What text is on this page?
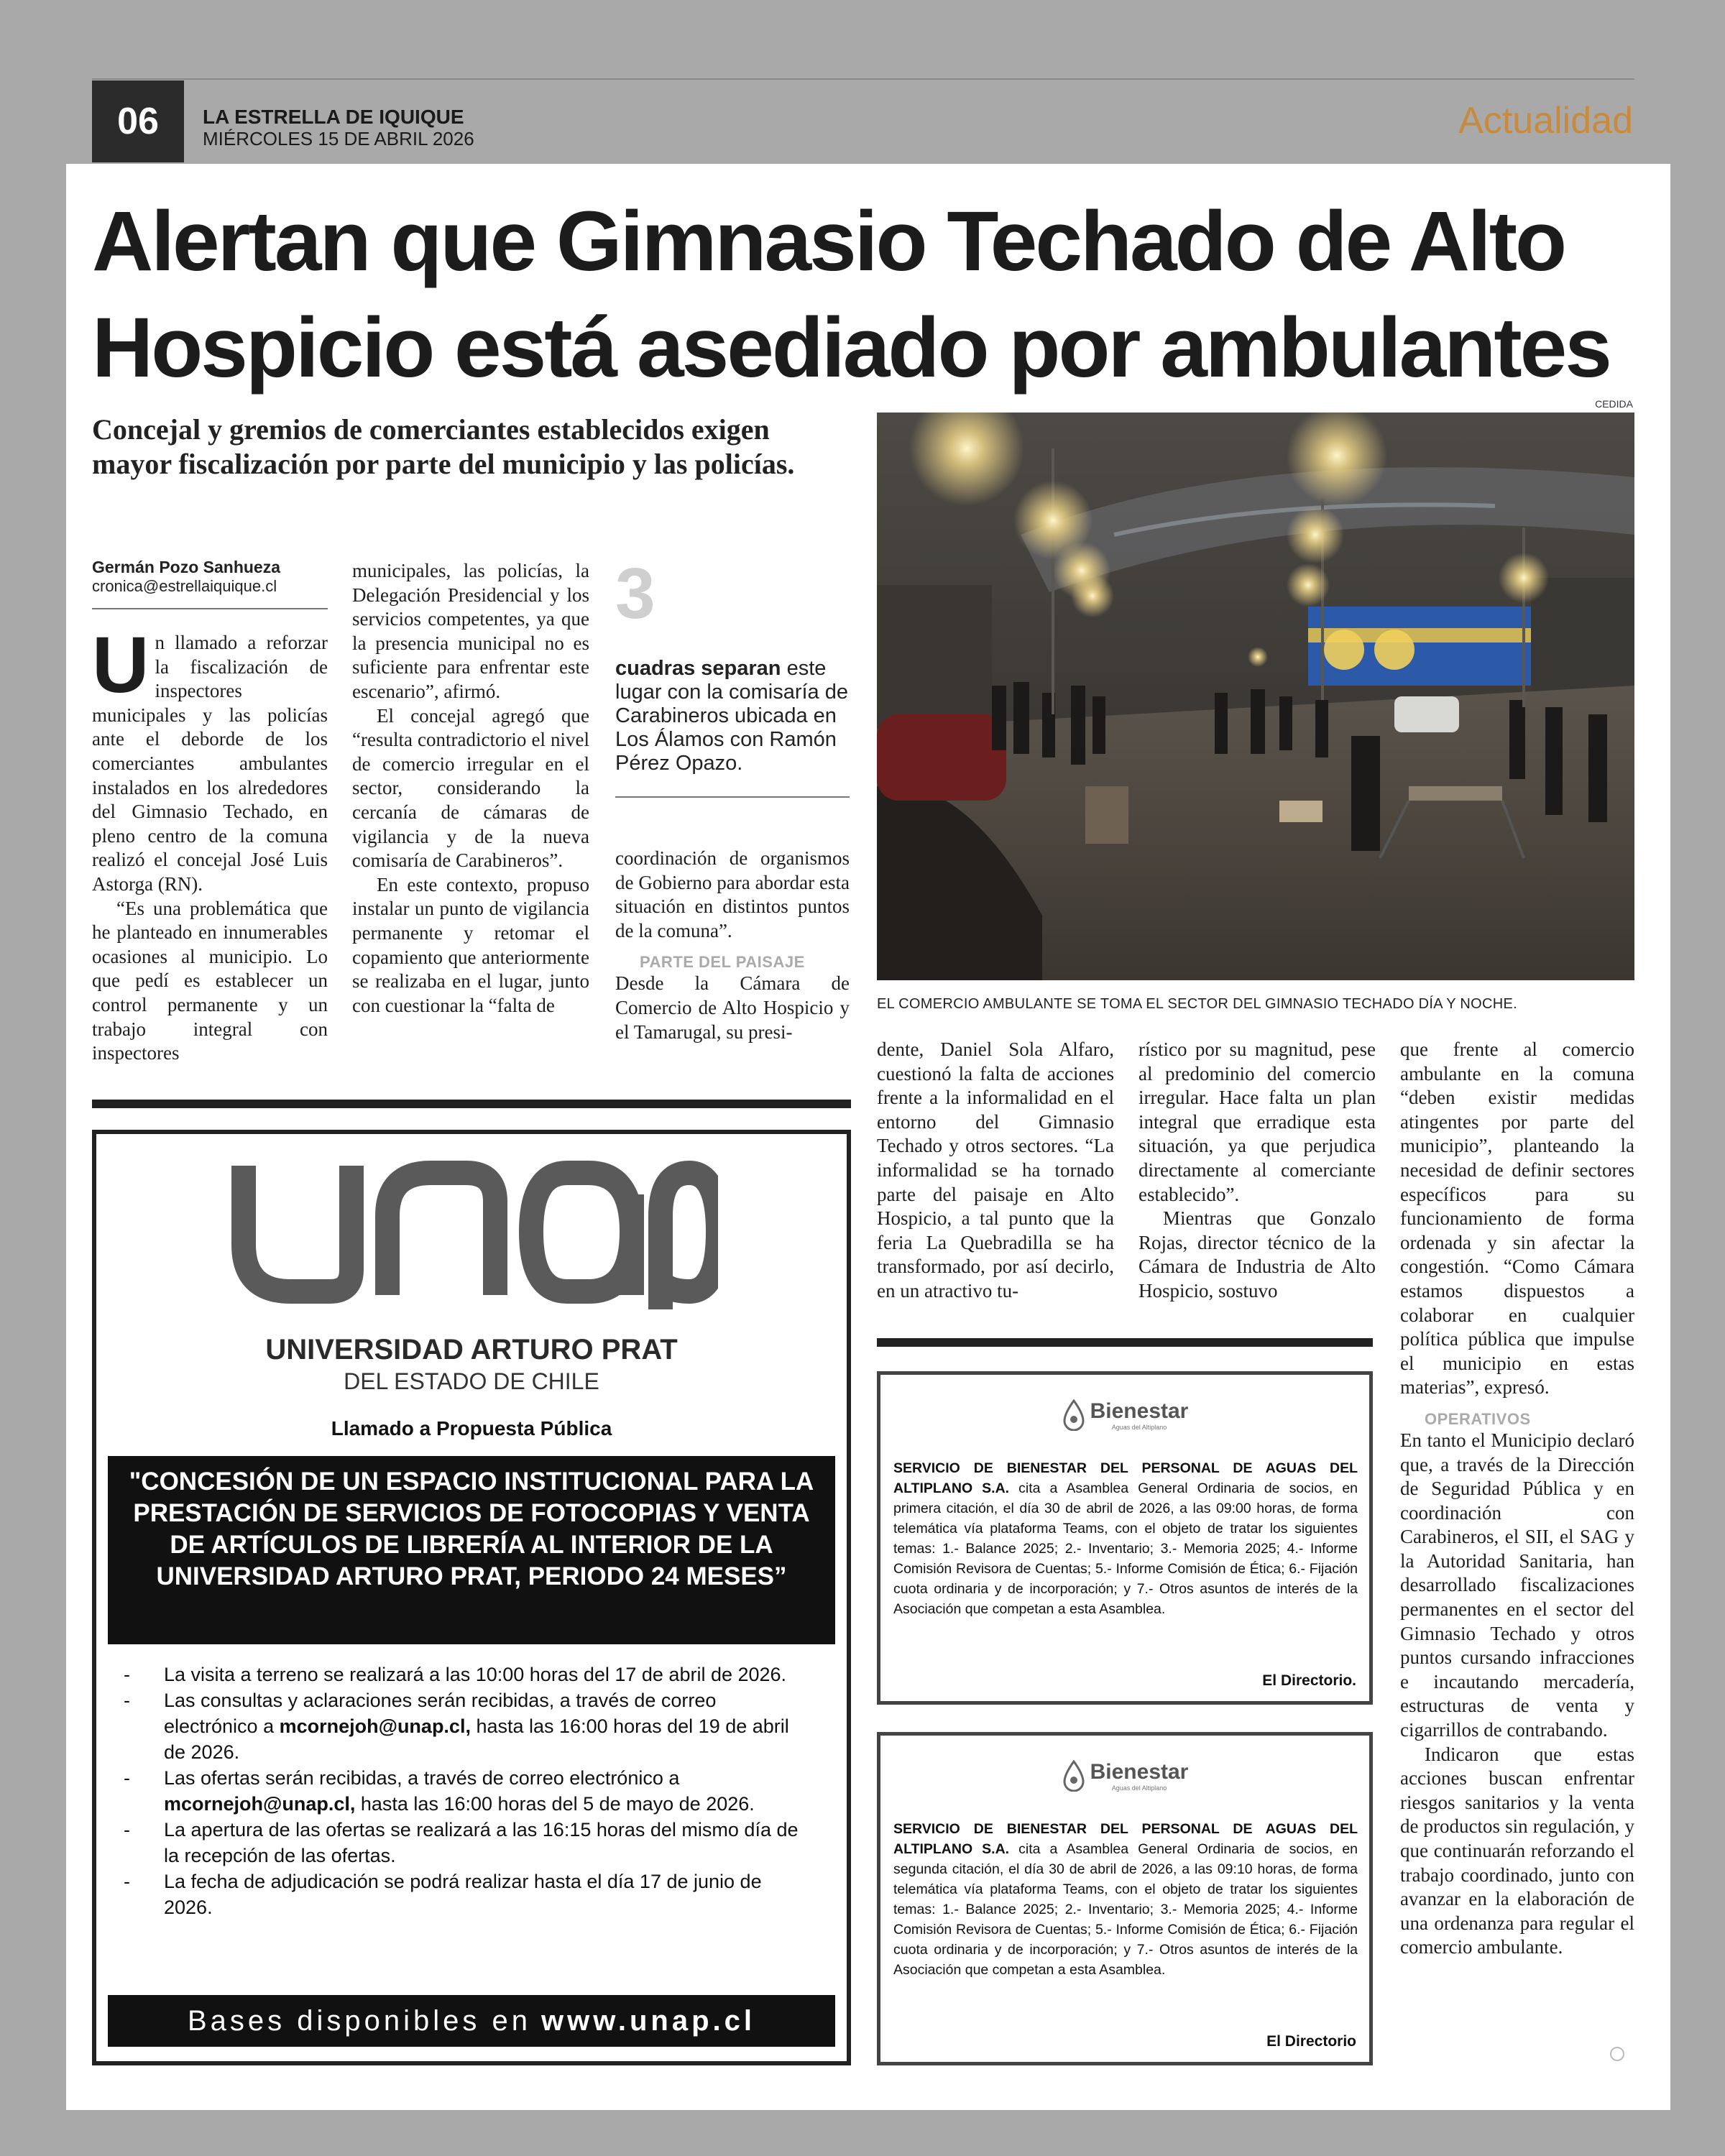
06	LA ESTRELLA DE IQUIQUE
MIÉRCOLES 15 DE ABRIL 2026	Actualidad
Alertan que Gimnasio Techado de Alto
Hospicio está asediado por ambulantes
Concejal y gremios de comerciantes establecidos exigen mayor fiscalización por parte del municipio y las policías.
CEDIDA
EL COMERCIO AMBULANTE SE TOMA EL SECTOR DEL GIMNASIO TECHADO DÍA Y NOCHE.
Germán Pozo Sanhueza
cronica@estrellaiquique.cl

Un llamado a reforzar la fiscalización de inspectores municipales y las policías ante el deborde de los comerciantes ambulantes instalados en los alrededores del Gimnasio Techado, en pleno centro de la comuna realizó el concejal José Luis Astorga (RN).

“Es una problemática que he planteado en innumerables ocasiones al municipio. Lo que pedí es establecer un control permanente y un trabajo integral con inspectores

municipales, las policías, la Delegación Presidencial y los servicios competentes, ya que la presencia municipal no es suficiente para enfrentar este escenario”, afirmó.

El concejal agregó que “resulta contradictorio el nivel de comercio irregular en el sector, considerando la cercanía de cámaras de vigilancia y de la nueva comisaría de Carabineros”.

En este contexto, propuso instalar un punto de vigilancia permanente y retomar el copamiento que anteriormente se realizaba en el lugar, junto con cuestionar la “falta de

3
cuadras separan este lugar con la comisaría de Carabineros ubicada en Los Álamos con Ramón Pérez Opazo.

coordinación de organismos de Gobierno para abordar esta situación en distintos puntos de la comuna”.

PARTE DEL PAISAJE

Desde la Cámara de Comercio de Alto Hospicio y el Tamarugal, su presi-

dente, Daniel Sola Alfaro, cuestionó la falta de acciones frente a la informalidad en el entorno del Gimnasio Techado y otros sectores. “La informalidad se ha tornado parte del paisaje en Alto Hospicio, a tal punto que la feria La Quebradilla se ha transformado, por así decirlo, en un atractivo tu-

rístico por su magnitud, pese al predominio del comercio irregular. Hace falta un plan integral que erradique esta situación, ya que perjudica directamente al comerciante establecido”.

Mientras que Gonzalo Rojas, director técnico de la Cámara de Industria de Alto Hospicio, sostuvo

que frente al comercio ambulante en la comuna “deben existir medidas atingentes por parte del municipio”, planteando la necesidad de definir sectores específicos para su funcionamiento de forma ordenada y sin afectar la congestión. “Como Cámara estamos dispuestos a colaborar en cualquier política pública que impulse el municipio en estas materias”, expresó.

OPERATIVOS

En tanto el Municipio declaró que, a través de la Dirección de Seguridad Pública y en coordinación con Carabineros, el SII, el SAG y la Autoridad Sanitaria, han desarrollado fiscalizaciones permanentes en el sector del Gimnasio Techado y otros puntos cursando infracciones e incautando mercadería, estructuras de venta y cigarrillos de contrabando.

Indicaron que estas acciones buscan enfrentar riesgos sanitarios y la venta de productos sin regulación, y que continuarán reforzando el trabajo coordinado, junto con avanzar en la elaboración de una ordenanza para regular el comercio ambulante.

unap
UNIVERSIDAD ARTURO PRAT
DEL ESTADO DE CHILE
Llamado a Propuesta Pública
"CONCESIÓN DE UN ESPACIO INSTITUCIONAL PARA LA PRESTACIÓN DE SERVICIOS DE FOTOCOPIAS Y VENTA DE ARTÍCULOS DE LIBRERÍA AL INTERIOR DE LA UNIVERSIDAD ARTURO PRAT, PERIODO 24 MESES”
- La visita a terreno se realizará a las 10:00 horas del 17 de abril de 2026.
- Las consultas y aclaraciones serán recibidas, a través de correo electrónico a mcornejoh@unap.cl, hasta las 16:00 horas del 19 de abril de 2026.
- Las ofertas serán recibidas, a través de correo electrónico a mcornejoh@unap.cl, hasta las 16:00 horas del 5 de mayo de 2026.
- La apertura de las ofertas se realizará a las 16:15 horas del mismo día de la recepción de las ofertas.
- La fecha de adjudicación se podrá realizar hasta el día 17 de junio de 2026.
Bases disponibles en www.unap.cl
Bienestar
Aguas del Altiplano
SERVICIO DE BIENESTAR DEL PERSONAL DE AGUAS DEL ALTIPLANO S.A. cita a Asamblea General Ordinaria de socios, en primera citación, el día 30 de abril de 2026, a las 09:00 horas, de forma telemática vía plataforma Teams, con el objeto de tratar los siguientes temas: 1.- Balance 2025; 2.- Inventario; 3.- Memoria 2025; 4.- Informe Comisión Revisora de Cuentas; 5.- Informe Comisión de Ética; 6.- Fijación cuota ordinaria y de incorporación; y 7.- Otros asuntos de interés de la Asociación que competan a esta Asamblea.
El Directorio.
Bienestar
Aguas del Altiplano
SERVICIO DE BIENESTAR DEL PERSONAL DE AGUAS DEL ALTIPLANO S.A. cita a Asamblea General Ordinaria de socios, en segunda citación, el día 30 de abril de 2026, a las 09:10 horas, de forma telemática vía plataforma Teams, con el objeto de tratar los siguientes temas: 1.- Balance 2025; 2.- Inventario; 3.- Memoria 2025; 4.- Informe Comisión Revisora de Cuentas; 5.- Informe Comisión de Ética; 6.- Fijación cuota ordinaria y de incorporación; y 7.- Otros asuntos de interés de la Asociación que competan a esta Asamblea.
El Directorio
